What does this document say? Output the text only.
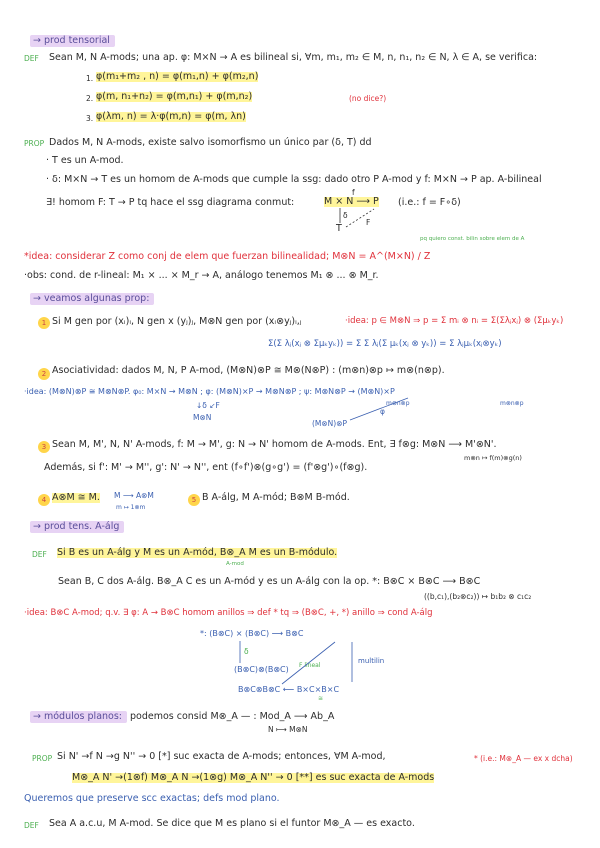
→ prod tensorial
DEF Sean M, N A-mods; una ap. φ: M×N → A es bilineal si, ∀m, m₁, m₂ ∈ M, n, n₁, n₂ ∈ N, λ ∈ A, se verifica:
1. φ(m₁+m₂ , n) = φ(m₁,n) + φ(m₂,n)
2. φ(m, n₁+n₂) = φ(m,n₁) + φ(m,n₂)	(no dice?)
3. φ(λm, n) = λ·φ(m,n) = φ(m, λn)
PROP Dados M, N A-mods, existe salvo isomorfismo un único par (δ, T) dd
· T es un A-mod.
· δ: M×N → T es un homom de A-mods que cumple la ssg: dado otro P A-mod y f: M×N → P ap. A-bilineal
∃! homom F: T → P tq hace el ssg diagrama conmut:	M × N ⟶ P
f
δ
T
F
(i.e.: f = F∘δ)
pq quiero const. bilin sobre elem de A
*idea: considerar Z como conj de elem que fuerzan bilinealidad; M⊗N = A^(M×N) / Z
·obs: cond. de r-lineal: M₁ × ... × M_r → A, análogo tenemos M₁ ⊗ ... ⊗ M_r.
→ veamos algunas prop:
1 Si M gen por (xᵢ)ᵢ, N gen x (yⱼ)ⱼ, M⊗N gen por (xᵢ⊗yⱼ)ᵢ,ⱼ	·idea: p ∈ M⊗N ⇒ p = Σ mᵢ ⊗ nᵢ = Σ(Σλⱼxⱼ) ⊗ (Σμₖyₖ)
Σ(Σ λⱼ(xⱼ ⊗ Σμₖyₖ)) = Σ Σ λⱼ(Σ μₖ(xⱼ ⊗ yₖ)) = Σ λⱼμₖ(xⱼ⊗yₖ)
2 Asociatividad: dados M, N, P A-mod, (M⊗N)⊗P ≅ M⊗(N⊗P) : (m⊗n)⊗p ↦ m⊗(n⊗p).
·idea: (M⊗N)⊗P ≅ M⊗N⊗P. φ₀: M×N → M⊗N ; φ: (M⊗N)×P → M⊗N⊗P ; ψ: M⊗N⊗P → (M⊗N)×P
↓δ ↙F
M⊗N
(M⊗N)⊗P
m⊗n⊗p	m⊗n⊗p
φ
3 Sean M, M', N, N' A-mods, f: M → M', g: N → N' homom de A-mods. Ent, ∃ f⊗g: M⊗N ⟶ M'⊗N'.
m⊗n ↦ f(m)⊗g(n)
Además, si f': M' → M'', g': N' → N'', ent (f∘f')⊗(g∘g') = (f'⊗g')∘(f⊗g).
4 A⊗M ≅ M. M ⟶ A⊗M
m ↦ 1⊗m
5 B A-álg, M A-mód; B⊗M B-mód.
→ prod tens. A-álg
DEF Si B es un A-álg y M es un A-mód, B⊗_A M es un B-módulo.
A-mod
Sean B, C dos A-álg. B⊗_A C es un A-mód y es un A-álg con la op. *: B⊗C × B⊗C ⟶ B⊗C
((b,c₁),(b₂⊗c₂)) ↦ b₁b₂ ⊗ c₁c₂
·idea: B⊗C A-mod; q.v. ∃ φ: A → B⊗C homom anillos ⇒ def * tq ⇒ (B⊗C, +, *) anillo ⇒ cond A-álg
*: (B⊗C) × (B⊗C) ⟶ B⊗C
δ
(B⊗C)⊗(B⊗C) F lineal
multilin
B⊗C⊗B⊗C ⟵ B×C×B×C
≅
→ módulos planos: podemos consid M⊗_A — : Mod_A ⟶ Ab_A
N ⟼ M⊗N
PROP Si N' →f N →g N'' → 0 [*] suc exacta de A-mods; entonces, ∀M A-mod,	* (i.e.: M⊗_A — ex x dcha)
M⊗_A N' →(1⊗f) M⊗_A N →(1⊗g) M⊗_A N'' → 0 [**] es suc exacta de A-mods
Queremos que preserve scc exactas; defs mod plano.
DEF Sea A a.c.u, M A-mod. Se dice que M es plano si el funtor M⊗_A — es exacto.
